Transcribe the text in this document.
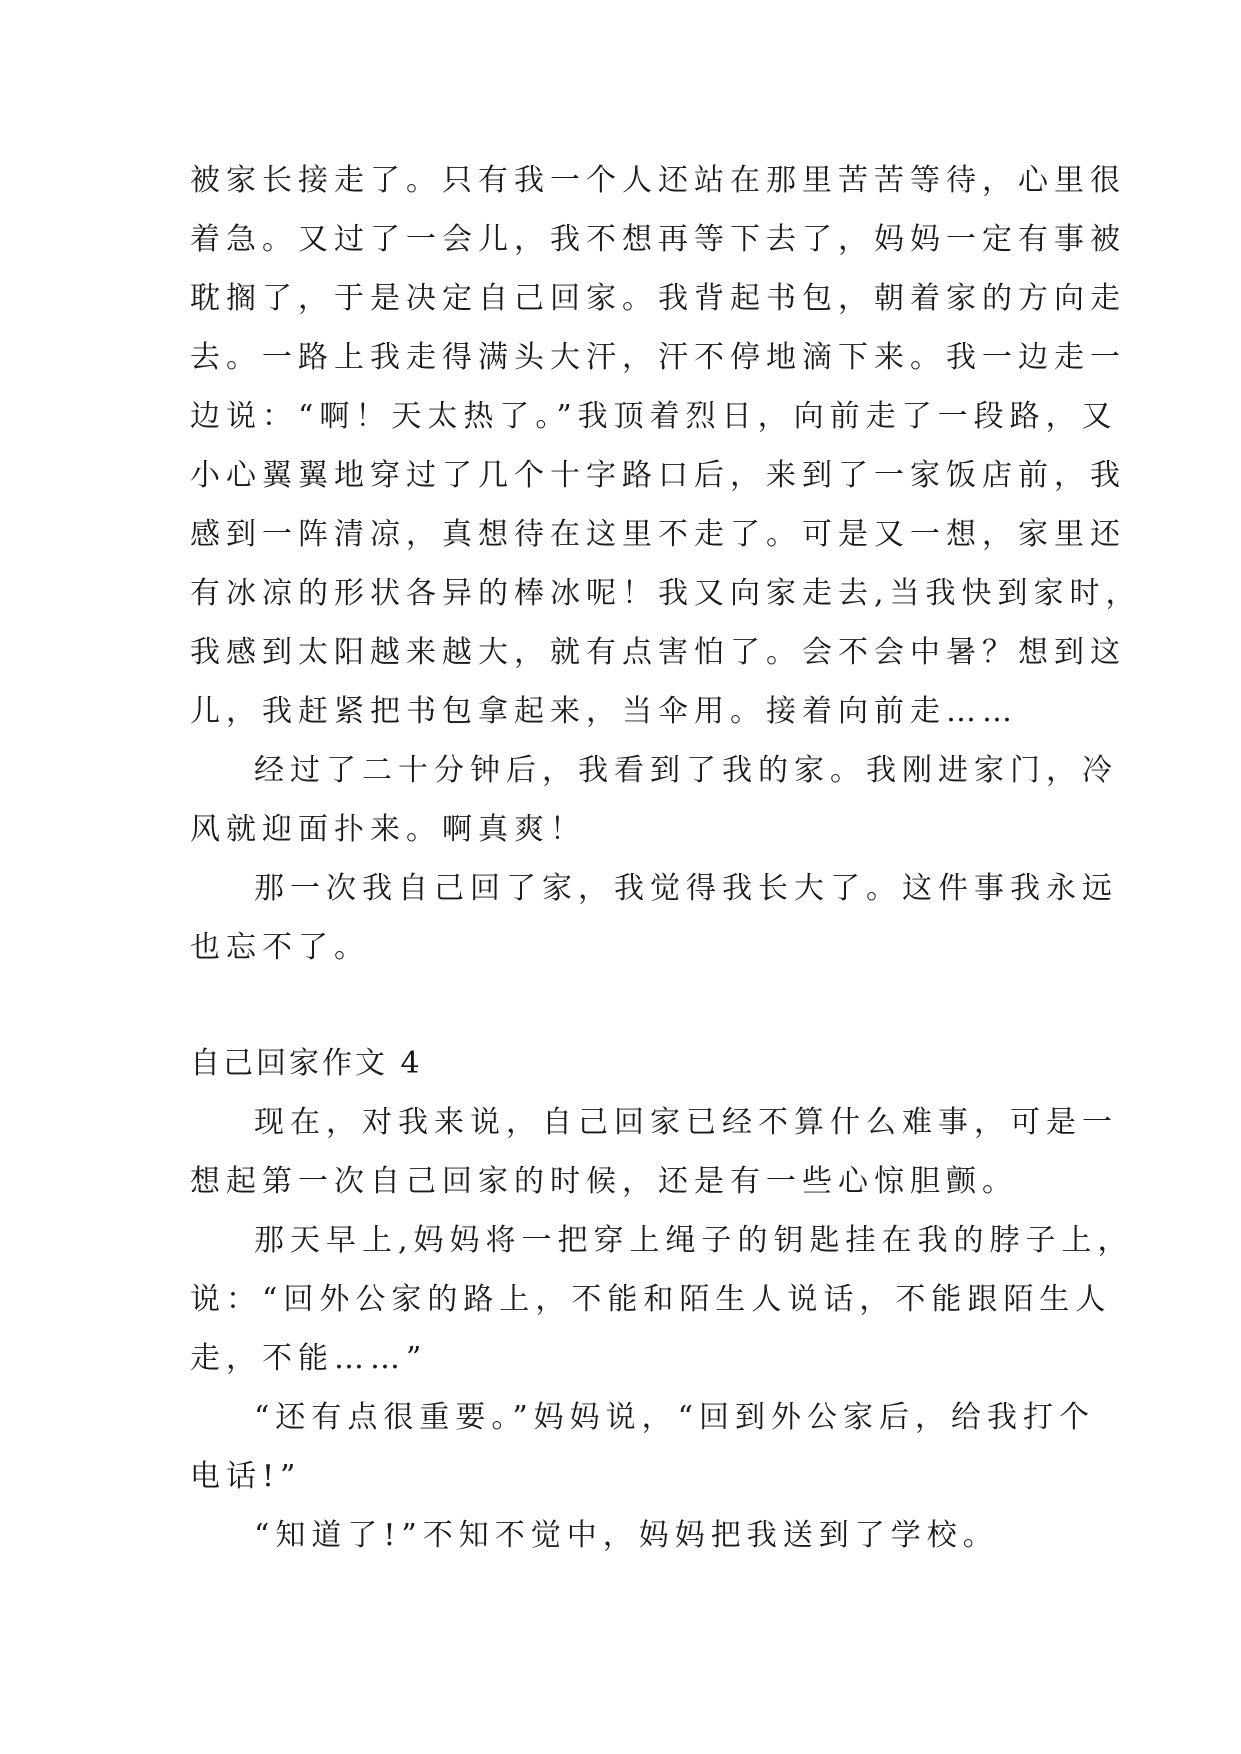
被家长接走了。只有我一个人还站在那里苦苦等待，心里很
着急。又过了一会儿，我不想再等下去了，妈妈一定有事被
耽搁了，于是决定自己回家。我背起书包，朝着家的方向走
去。一路上我走得满头大汗，汗不停地滴下来。我一边走一
边说：“啊！天太热了。”我顶着烈日，向前走了一段路，又
小心翼翼地穿过了几个十字路口后，来到了一家饭店前，我
感到一阵清凉，真想待在这里不走了。可是又一想，家里还
有冰凉的形状各异的棒冰呢！我又向家走去,当我快到家时，
我感到太阳越来越大，就有点害怕了。会不会中暑？想到这
儿，我赶紧把书包拿起来，当伞用。接着向前走……
经过了二十分钟后，我看到了我的家。我刚进家门，冷
风就迎面扑来。啊真爽！
那一次我自己回了家，我觉得我长大了。这件事我永远
也忘不了。
自己回家作文 4
现在，对我来说，自己回家已经不算什么难事，可是一
想起第一次自己回家的时候，还是有一些心惊胆颤。
那天早上,妈妈将一把穿上绳子的钥匙挂在我的脖子上，
说：“回外公家的路上，不能和陌生人说话，不能跟陌生人
走，不能……”
“还有点很重要。”妈妈说，“回到外公家后，给我打个
电话!”
“知道了!”不知不觉中，妈妈把我送到了学校。
